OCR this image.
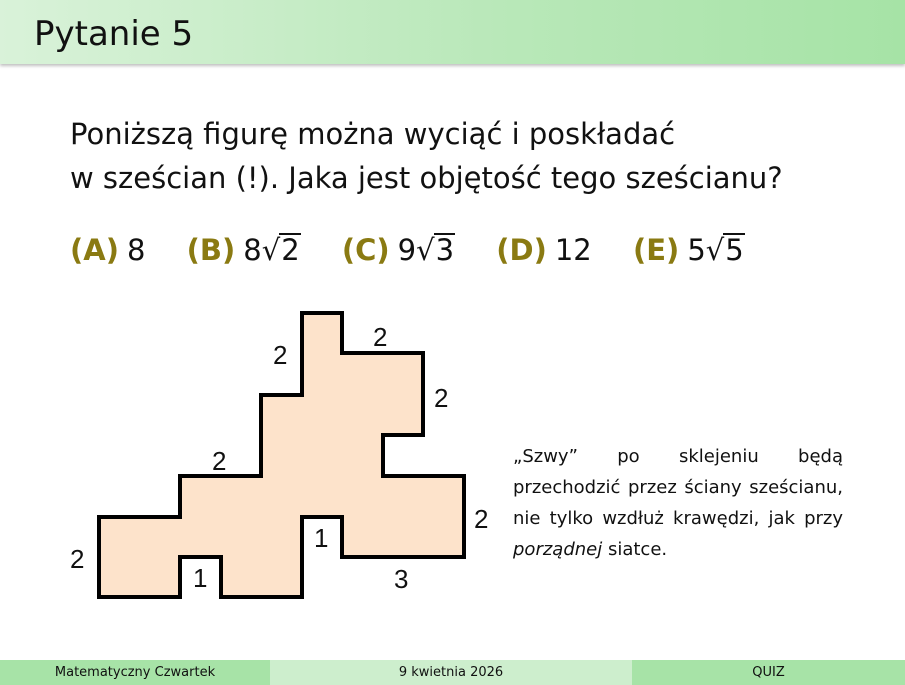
Pytanie 5
Poniższą figurę można wyciąć i poskładać
w sześcian (!). Jaka jest objętość tego sześcianu?
(A) 8 (B) 8√2 (C) 9√3 (D) 12 (E) 5√5
2
2
2
2
2
1
1
3
2
„Szwy” po sklejeniu będą przechodzić przez ściany sześcianu, nie tylko wzdłuż krawędzi, jak przy porządnej siatce.
Matematyczny Czwartek	9 kwietnia 2026	QUIZ
